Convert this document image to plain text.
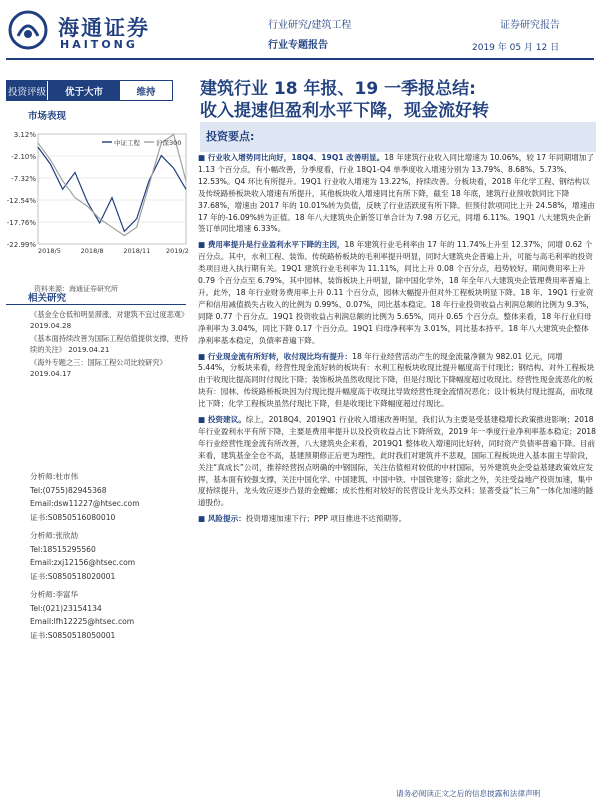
海通证券
HAITONG
行业研究/建筑工程
行业专题报告
证券研究报告
2019 年 05 月 12 日
投资评级	优于大市	维持	建筑行业 18 年报、19 一季报总结:
收入提速但盈利水平下降，现金流好转
市场表现
3.12%
-2.10%
-7.32%
-12.54%
-17.76%
-22.99%
2018/5	2018/8	2018/11 2019/2
中证工程 沪深300
资料来源：海通证券研究所
相关研究
《基金全仓低和明显滞涨，对建筑不宜过度悲观》 2019.04.28
《基本面持续改善为国际工程估值提供支撑，更持续的关注》 2019.04.21
《海外专题之三：国际工程公司比较研究》 2019.04.17
分析师:杜市伟
Tel:(0755)82945368
Email:dsw11227@htsec.com
证书:S0850516080010
分析师:张欣劼
Tel:18515295560
Email:zxj12156@htsec.com
证书:S0850518020001
分析师:李富华
Tel:(021)23154134
Email:lfh12225@htsec.com
证书:S0850518050001
投资要点:

■ 行业收入增势同比向好，18Q4、19Q1 改善明显。18 年建筑行业收入同比增速为 10.06%，较 17 年同期增加了 1.13 个百分点，有小幅改善，分季度看，行业 18Q1-Q4 单季度收入增速分别为 13.79%、8.68%、5.73%、12.53%。Q4 环比有所提升。19Q1 行业收入增速为 13.22%，持续改善。分板块看，2018 年化学工程、钢结构以及传统路桥板块收入增速有所提升，其他板块收入增速同比有所下降，截至 18 年底，建筑行业预收款同比下降 37.68%，增速由 2017 年的 10.01%转为负值，反映了行业活跃度有所下降。但预付款项同比上升 24.58%，增速由17 年的-16.09%转为正值。18 年八大建筑央企新签订单合计为 7.98 万亿元，同增 6.11%。19Q1 八大建筑央企新签订单同比增速 6.33%。

■ 费用率提升是行业盈利水平下降的主因，18 年建筑行业毛利率由 17 年的 11.74%上升至 12.37%，同增 0.62 个百分点。其中，水利工程、装饰、传统路桥板块的毛利率提升明显，同时大建筑央企普遍上升，可能与高毛利率的投资类项目进入执行期有关。19Q1 建筑行业毛利率为 11.11%，同比上升 0.08 个百分点，趋势较好。期间费用率上升 0.79 个百分点至 6.79%，其中园林、装饰板块上升明显，除中国化学外，18 年全年八大建筑央企管理费用率普遍上升。此外，18 年行业财务费用率上升 0.11 个百分点，园林大幅提升但对外工程板块明显下降。18 年、19Q1 行业资产和信用减值损失占收入的比例为 0.99%、0.07%，同比基本稳定。18 年行业投资收益占利润总额的比例为 9.3%，同降 0.77 个百分点。19Q1 投资收益占利润总额的比例为 5.65%，同升 0.65 个百分点。整体来看，18 年行业归母净利率为 3.04%，同比下降 0.17 个百分点。19Q1 归母净利率为 3.01%，同比基本持平。18 年八大建筑央企整体净利率基本稳定，负债率普遍下降。

■ 行业现金流有所好转，收付现比均有提升：18 年行业经营活动产生的现金流量净额为 982.01 亿元，同增 5.44%，分板块来看，经营性现金流好转的板块有：水利工程板块收现比提升幅度高于付现比；钢结构、对外工程板块由于收现比提高同时付现比下降；装饰板块虽然收现比下降，但是付现比下降幅度超过收现比。经营性现金流恶化的板块有：园林、传统路桥板块因为付现比提升幅度高于收现比导致经营性现金流情况恶化；设计板块付现比提高，而收现比下降；化学工程板块虽然付现比下降，但是收现比下降幅度超过付现比。

■ 投资建议。综上，2018Q4、2019Q1 行业收入增速改善明显，我们认为主要是受基建稳增长政策推进影响；2018 年行业盈利水平有所下降，主要是费用率提升以及投资收益占比下降所致，2019 年一季度行业净利率基本稳定；2018 年行业经营性现金流有所改善，八大建筑央企来看，2019Q1 整体收入增速同比好转，同时资产负债率普遍下降。目前来看，建筑基金全仓不高，基建预期修正后更为理性，此时我们对建筑并不悲观，国际工程板块进入基本面主导阶段，关注“真成长”公司，推荐经营拐点明确的中钢国际，关注估值相对较低的中材国际，另外建筑央企受益基建政策效应发挥，基本面有较强支撑，关注中国化学、中国建筑、中国中铁、中国铁建等；除此之外，关注受益地产投资加速，集中度持续提升，龙头效应逐步凸显的金螳螂；成长性相对较好的民营设计龙头苏交科；显著受益“长三角”一体化加速的隧道股份。

■ 风险提示：投资增速加速下行；PPP 项目推进不达预期等。

请务必阅读正文之后的信息披露和法律声明
